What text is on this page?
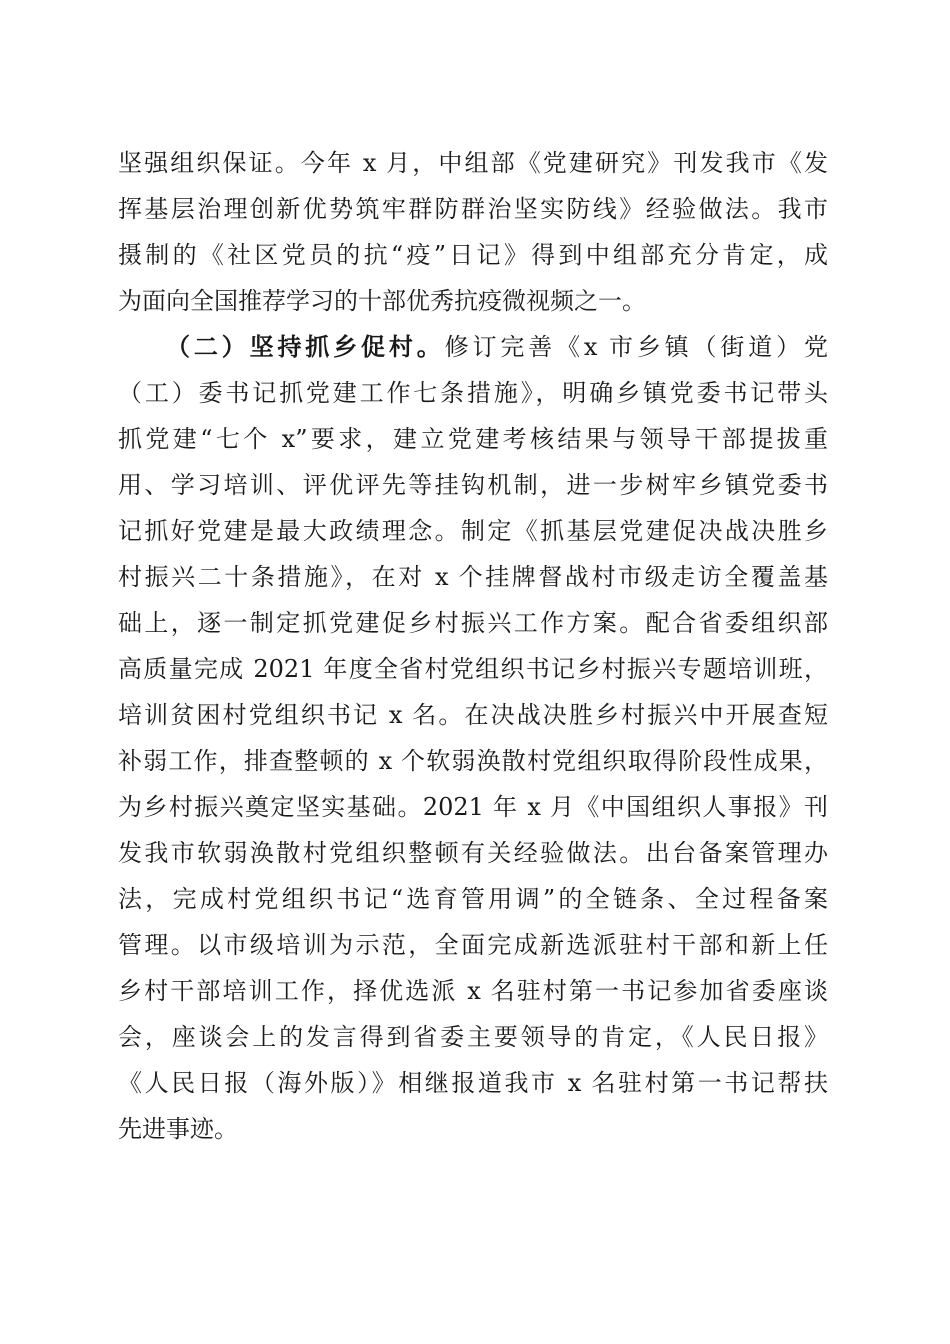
坚强组织保证。今年 x 月，中组部《党建研究》刊发我市《发
挥基层治理创新优势筑牢群防群治坚实防线》经验做法。我市
摄制的《社区党员的抗“疫”日记》得到中组部充分肯定，成
为面向全国推荐学习的十部优秀抗疫微视频之一。
（二）坚持抓乡促村。修订完善《x 市乡镇（街道）党
（工）委书记抓党建工作七条措施》，明确乡镇党委书记带头
抓党建“七个 x”要求，建立党建考核结果与领导干部提拔重
用、学习培训、评优评先等挂钩机制，进一步树牢乡镇党委书
记抓好党建是最大政绩理念。制定《抓基层党建促决战决胜乡
村振兴二十条措施》，在对 x 个挂牌督战村市级走访全覆盖基
础上，逐一制定抓党建促乡村振兴工作方案。配合省委组织部
高质量完成 2021 年度全省村党组织书记乡村振兴专题培训班，
培训贫困村党组织书记 x 名。在决战决胜乡村振兴中开展查短
补弱工作，排查整顿的 x 个软弱涣散村党组织取得阶段性成果，
为乡村振兴奠定坚实基础。2021 年 x 月《中国组织人事报》刊
发我市软弱涣散村党组织整顿有关经验做法。出台备案管理办
法，完成村党组织书记“选育管用调”的全链条、全过程备案
管理。以市级培训为示范，全面完成新选派驻村干部和新上任
乡村干部培训工作，择优选派 x 名驻村第一书记参加省委座谈
会，座谈会上的发言得到省委主要领导的肯定，《人民日报》
《人民日报（海外版）》相继报道我市 x 名驻村第一书记帮扶
先进事迹。
